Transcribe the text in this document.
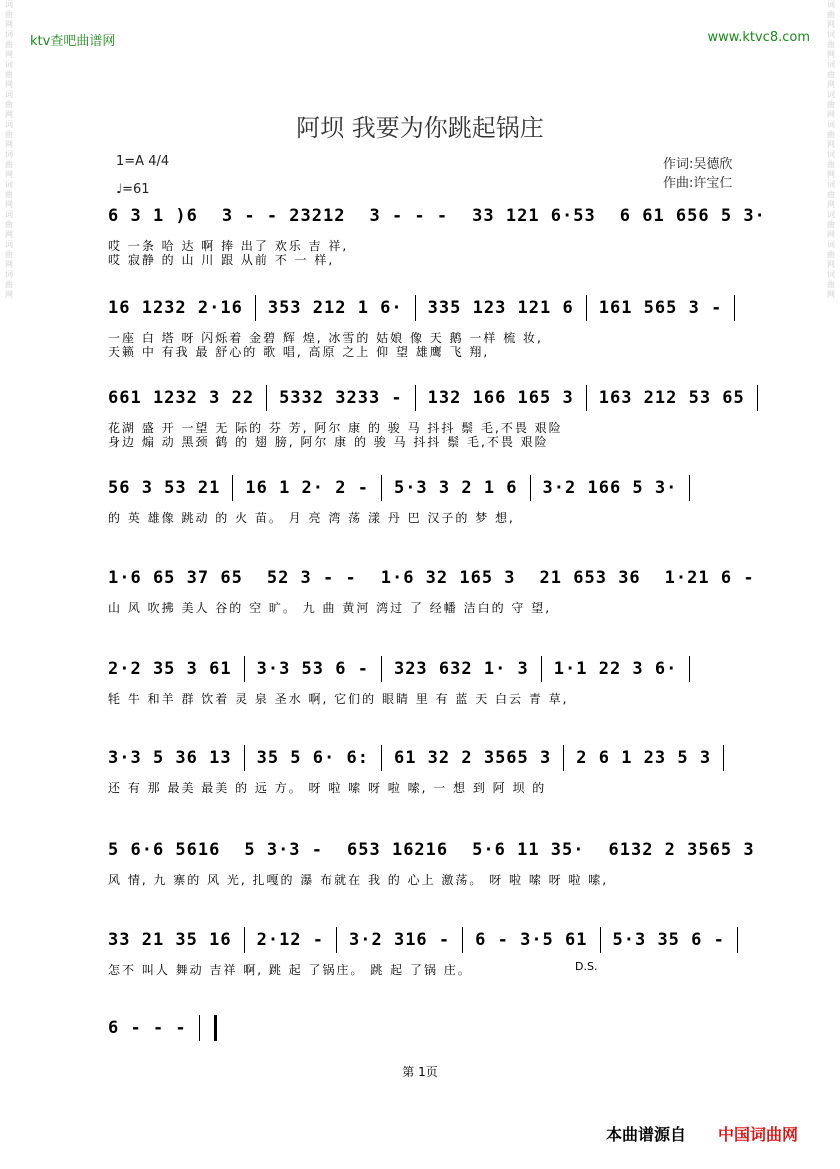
词曲网词曲网词曲网词曲网词曲网词曲网词曲网词曲网词曲网词曲网
词曲网词曲网词曲网词曲网词曲网词曲网词曲网词曲网词曲网词曲网
ktv查吧曲谱网	www.ktvc8.com
阿坝 我要为你跳起锅庄
1=A 4/4
♩=61
作词:吴德欣
作曲:许宝仁
6 3 1 )6 3 - - 23212 3 - - - 33 121 6·53 6 61 656 5 3·
哎 一条 哈 达 啊 捧 出了 欢乐 吉 祥,
哎 寂静 的 山 川 跟 从前 不 一 样,
16 1232 2·16 353 212 1 6· 335 123 121 6 161 565 3 -
一座 白 塔 呀 闪烁着 金碧 辉 煌, 冰雪的 姑娘 像 天 鹅 一样 梳 妆,
天籁 中 有我 最 舒心的 歌 唱, 高原 之上 仰 望 雄鹰 飞 翔,
661 1232 3 22 5332 3233 - 132 166 165 3 163 212 53 65
花湖 盛 开 一望 无 际的 芬 芳, 阿尔 康 的 骏 马 抖抖 鬃 毛,不畏 艰险
身边 煽 动 黑颈 鹤 的 翅 膀, 阿尔 康 的 骏 马 抖抖 鬃 毛,不畏 艰险
56 3 53 21 16 1 2· 2 - 5·3 3 2 1 6 3·2 166 5 3·
的 英 雄像 跳动 的 火 苗。 月 亮 湾 荡 漾 丹 巴 汉子的 梦 想,
1·6 65 37 65 52 3 - - 1·6 32 165 3 21 653 36 1·21 6 -
山 风 吹拂 美人 谷的 空 旷。 九 曲 黄河 湾过 了 经幡 洁白的 守 望,
2·2 35 3 61 3·3 53 6 - 323 632 1· 3 1·1 22 3 6·
牦 牛 和羊 群 饮着 灵 泉 圣水 啊, 它们的 眼睛 里 有 蓝 天 白云 青 草,
3·3 5 36 13 35 5 6· 6: 61 32 2 3565 3 2 6 1 23 5 3
还 有 那 最美 最美 的 远 方。 呀 啦 嗦 呀 啦 嗦, 一 想 到 阿 坝 的
5 6·6 5616 5 3·3 - 653 16216 5·6 11 35· 6132 2 3565 3
风 情, 九 寨的 风 光, 扎嘎的 瀑 布就在 我 的 心上 激荡。 呀 啦 嗦 呀 啦 嗦,
33 21 35 16 2·12 - 3·2 316 - 6 - 3·5 61 5·3 35 6 -
怎不 叫人 舞动 吉祥 啊, 跳 起 了锅庄。 跳 起 了锅 庄。
6 - - -
D.S.
第 1页
本曲谱源自 中国词曲网
